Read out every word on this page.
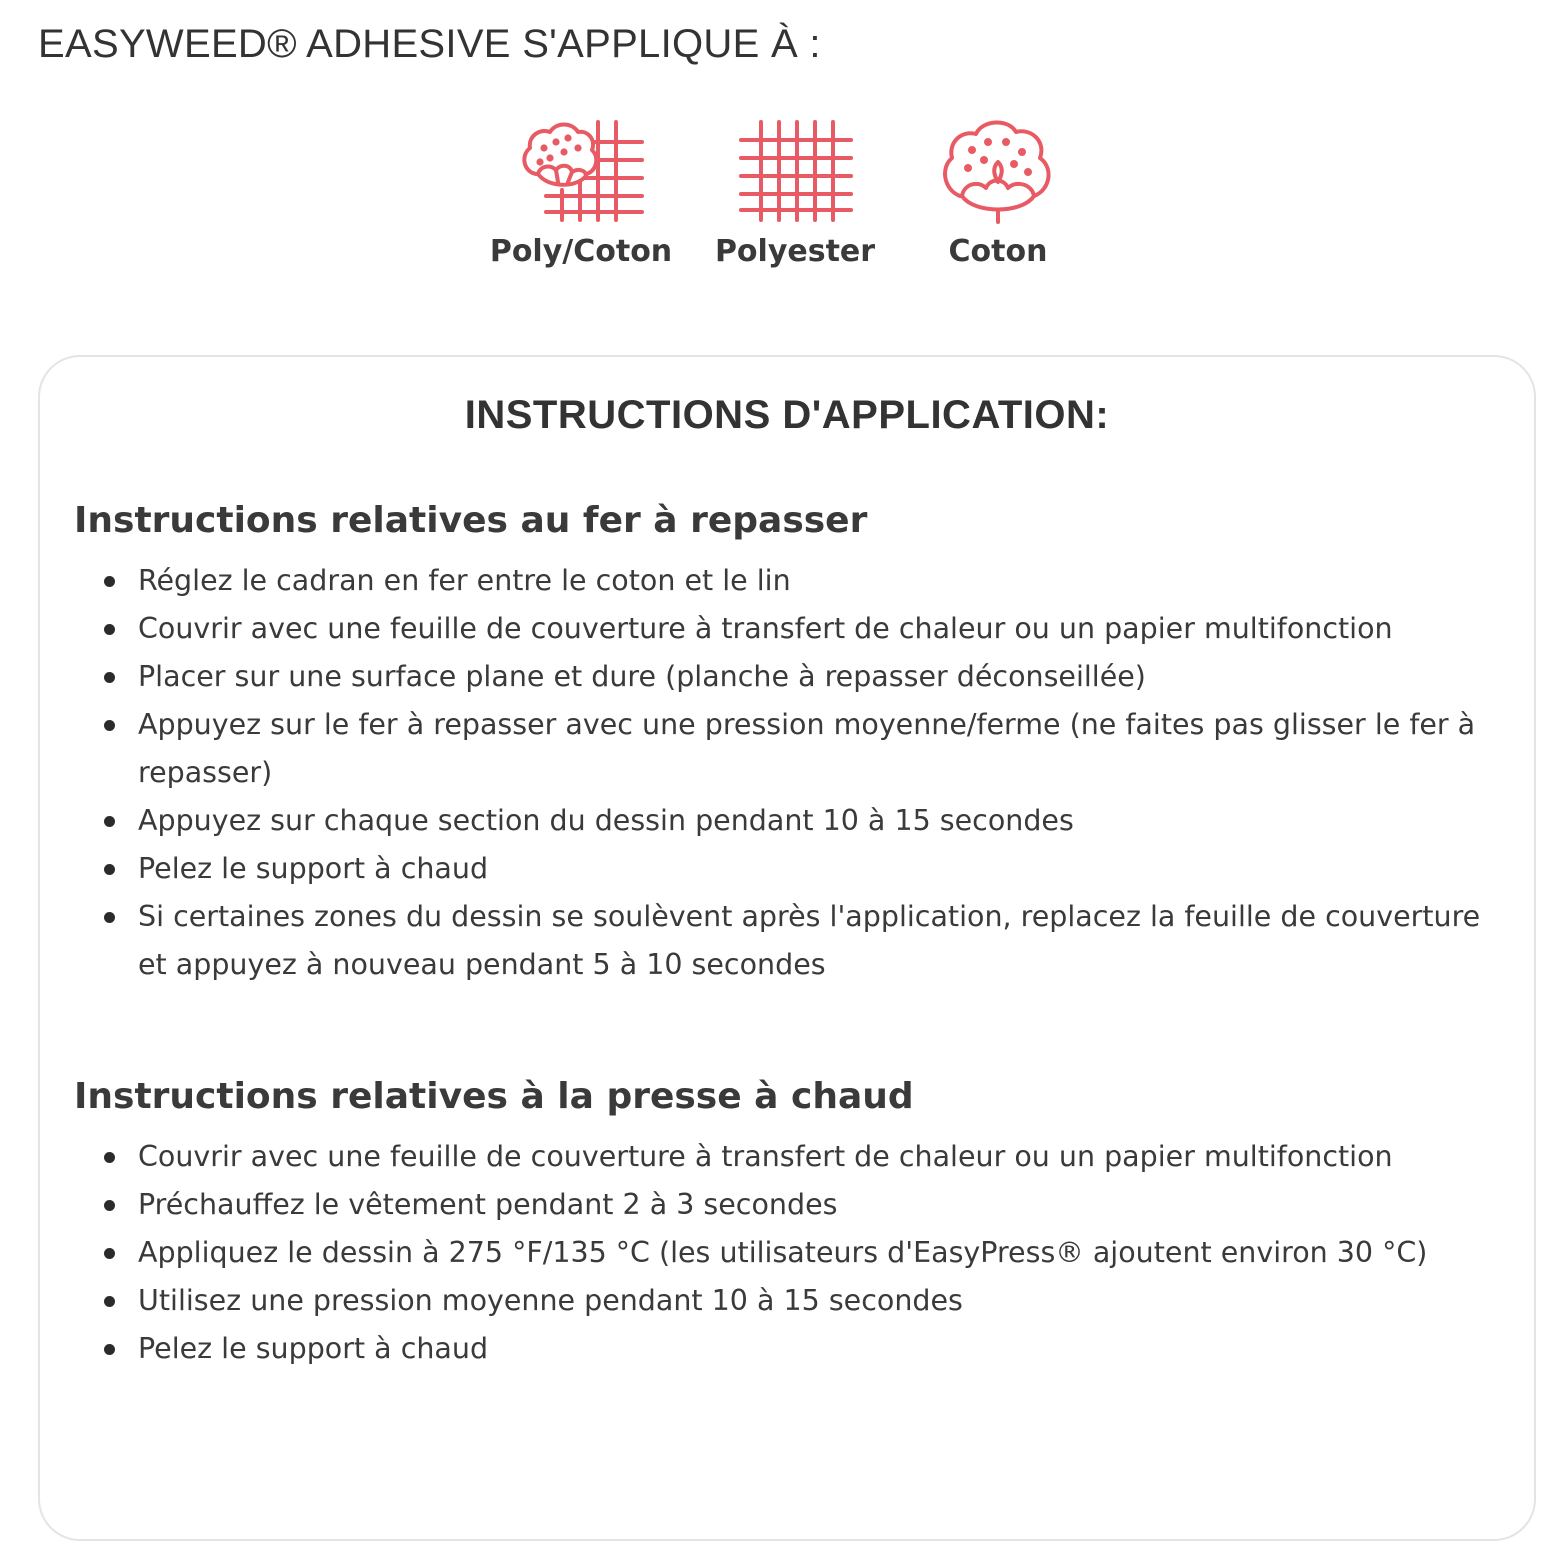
EASYWEED® ADHESIVE S'APPLIQUE À :
Poly/Coton Polyester	Coton
INSTRUCTIONS D'APPLICATION:
Instructions relatives au fer à repasser
Réglez le cadran en fer entre le coton et le lin
Couvrir avec une feuille de couverture à transfert de chaleur ou un papier multifonction
Placer sur une surface plane et dure (planche à repasser déconseillée)
Appuyez sur le fer à repasser avec une pression moyenne/ferme (ne faites pas glisser le fer à repasser)
Appuyez sur chaque section du dessin pendant 10 à 15 secondes
Pelez le support à chaud
Si certaines zones du dessin se soulèvent après l'application, replacez la feuille de couverture et appuyez à nouveau pendant 5 à 10 secondes
Instructions relatives à la presse à chaud
Couvrir avec une feuille de couverture à transfert de chaleur ou un papier multifonction
Préchauffez le vêtement pendant 2 à 3 secondes
Appliquez le dessin à 275 °F/135 °C (les utilisateurs d'EasyPress® ajoutent environ 30 °C)
Utilisez une pression moyenne pendant 10 à 15 secondes
Pelez le support à chaud
